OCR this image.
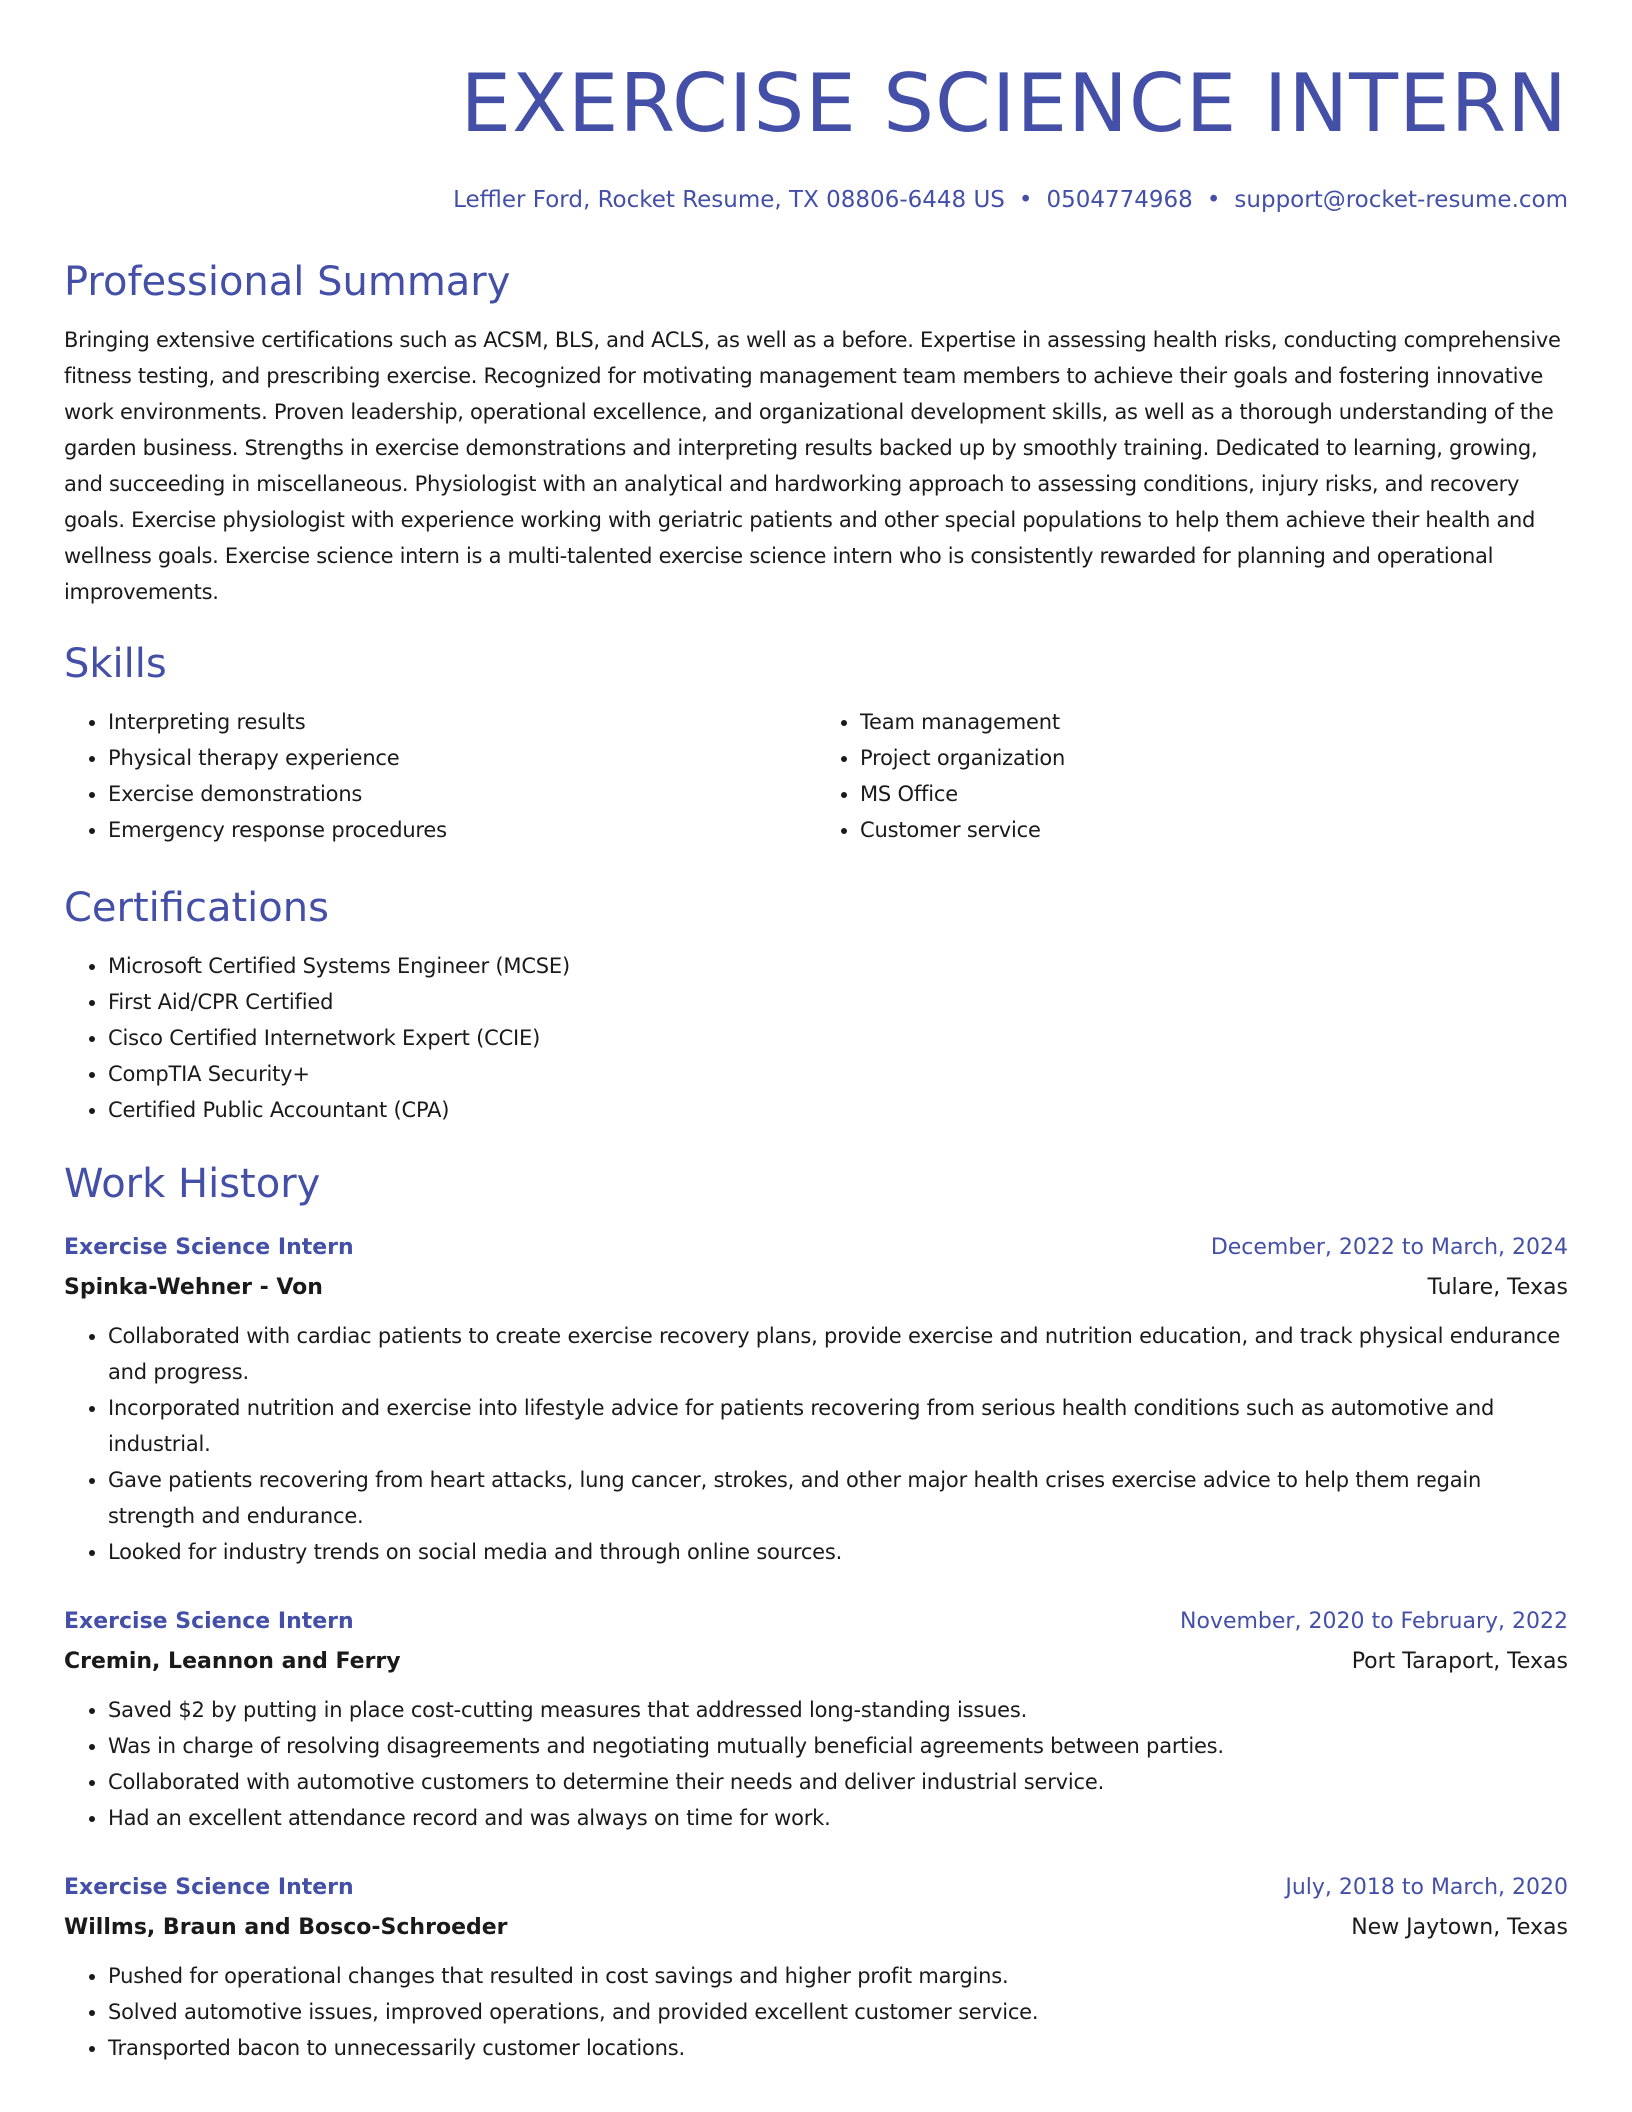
EXERCISE SCIENCE INTERN
Leffler Ford, Rocket Resume, TX 08806-6448 US • 0504774968 • support@rocket-resume.com
Professional Summary
Bringing extensive certifications such as ACSM, BLS, and ACLS, as well as a before. Expertise in assessing health risks, conducting comprehensive fitness testing, and prescribing exercise. Recognized for motivating management team members to achieve their goals and fostering innovative work environments. Proven leadership, operational excellence, and organizational development skills, as well as a thorough understanding of the garden business. Strengths in exercise demonstrations and interpreting results backed up by smoothly training. Dedicated to learning, growing, and succeeding in miscellaneous. Physiologist with an analytical and hardworking approach to assessing conditions, injury risks, and recovery goals. Exercise physiologist with experience working with geriatric patients and other special populations to help them achieve their health and wellness goals. Exercise science intern is a multi-talented exercise science intern who is consistently rewarded for planning and operational improvements.
Skills
• Interpreting results
• Physical therapy experience
• Exercise demonstrations
• Emergency response procedures
• Team management
• Project organization
• MS Office
• Customer service
Certifications
• Microsoft Certified Systems Engineer (MCSE)
• First Aid/CPR Certified
• Cisco Certified Internetwork Expert (CCIE)
• CompTIA Security+
• Certified Public Accountant (CPA)
Work History
Exercise Science Intern	December, 2022 to March, 2024
Spinka-Wehner - Von	Tulare, Texas
• Collaborated with cardiac patients to create exercise recovery plans, provide exercise and nutrition education, and track physical endurance and progress.
• Incorporated nutrition and exercise into lifestyle advice for patients recovering from serious health conditions such as automotive and industrial.
• Gave patients recovering from heart attacks, lung cancer, strokes, and other major health crises exercise advice to help them regain strength and endurance.
• Looked for industry trends on social media and through online sources.
Exercise Science Intern	November, 2020 to February, 2022
Cremin, Leannon and Ferry	Port Taraport, Texas
• Saved $2 by putting in place cost-cutting measures that addressed long-standing issues.
• Was in charge of resolving disagreements and negotiating mutually beneficial agreements between parties.
• Collaborated with automotive customers to determine their needs and deliver industrial service.
• Had an excellent attendance record and was always on time for work.
Exercise Science Intern	July, 2018 to March, 2020
Willms, Braun and Bosco-Schroeder	New Jaytown, Texas
• Pushed for operational changes that resulted in cost savings and higher profit margins.
• Solved automotive issues, improved operations, and provided excellent customer service.
• Transported bacon to unnecessarily customer locations.
